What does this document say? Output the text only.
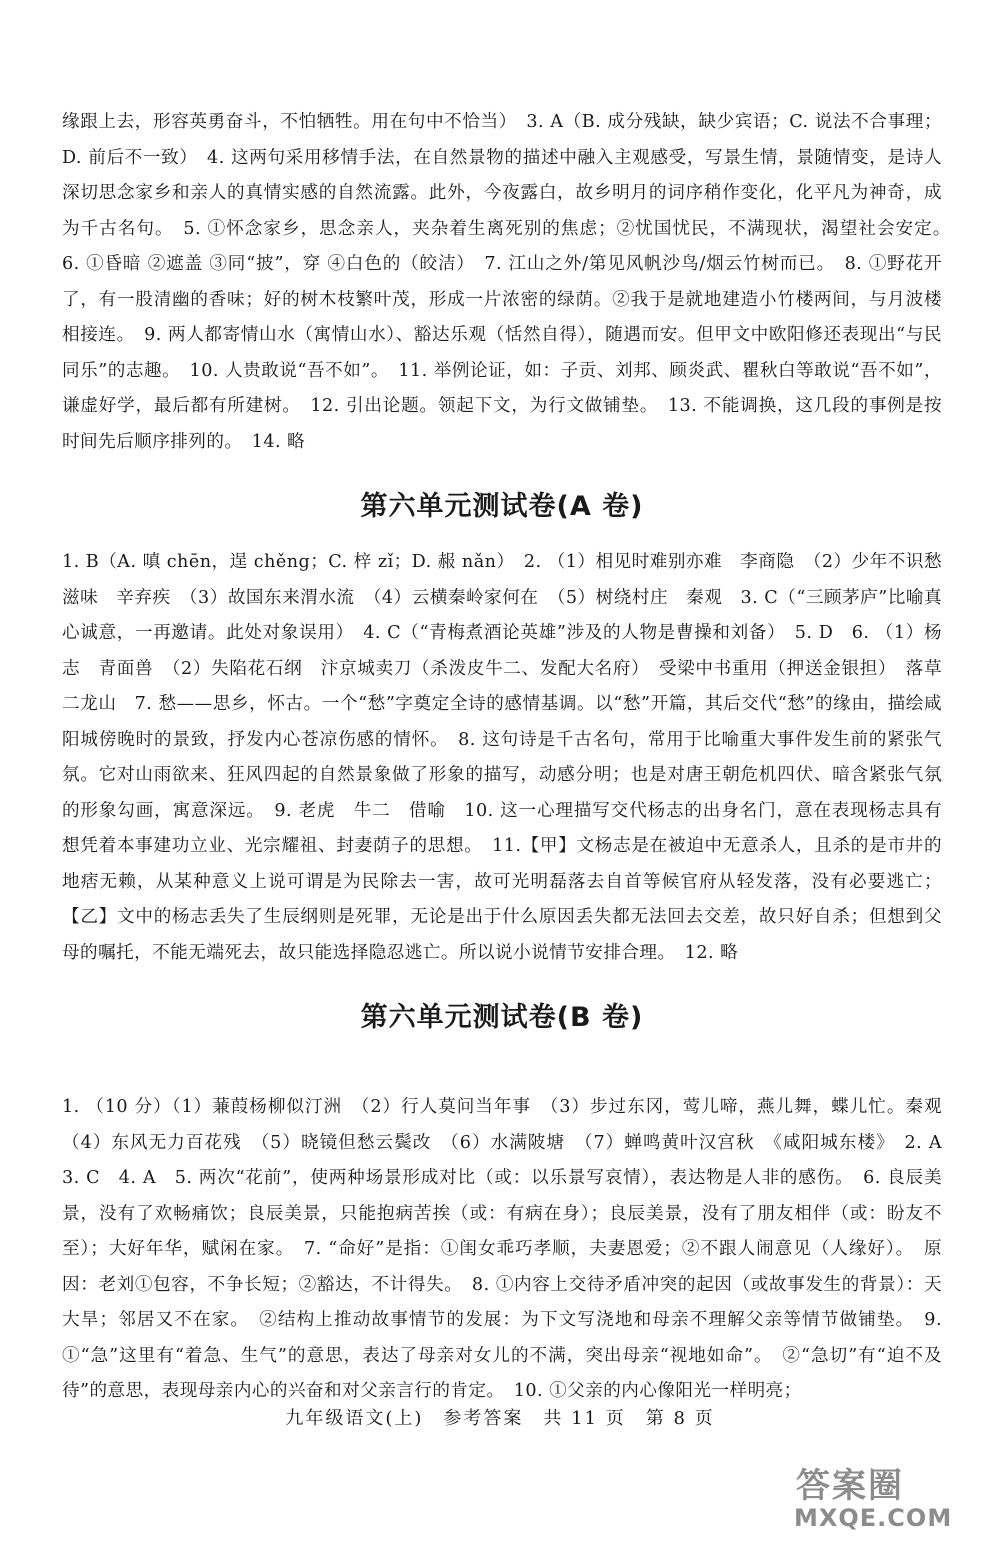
缘跟上去，形容英勇奋斗，不怕牺牲。用在句中不恰当）　3. A（B. 成分残缺，缺少宾语；C. 说法不合事理；D. 前后不一致）　4. 这两句采用移情手法，在自然景物的描述中融入主观感受，写景生情，景随情变，是诗人深切思念家乡和亲人的真情实感的自然流露。此外，今夜露白，故乡明月的词序稍作变化，化平凡为神奇，成为千古名句。　5. ①怀念家乡，思念亲人，夹杂着生离死别的焦虑；②忧国忧民，不满现状，渴望社会安定。　6. ①昏暗 ②遮盖 ③同“披”，穿 ④白色的（皎洁）　7. 江山之外/第见风帆沙鸟/烟云竹树而已。　8. ①野花开了，有一股清幽的香味；好的树木枝繁叶茂，形成一片浓密的绿荫。②我于是就地建造小竹楼两间，与月波楼相接连。　9. 两人都寄情山水（寓情山水）、豁达乐观（恬然自得），随遇而安。但甲文中欧阳修还表现出“与民同乐”的志趣。　10. 人贵敢说“吾不如”。　11. 举例论证，如：子贡、刘邦、顾炎武、瞿秋白等敢说“吾不如”，谦虚好学，最后都有所建树。　12. 引出论题。领起下文，为行文做铺垫。　13. 不能调换，这几段的事例是按时间先后顺序排列的。　14. 略

第六单元测试卷(A 卷)

1. B（A. 嗔 chēn，逞 chěng；C. 梓 zǐ；D. 赧 nǎn）　2. （1）相见时难别亦难　李商隐　（2）少年不识愁滋味　辛弃疾　（3）故国东来渭水流　（4）云横秦岭家何在　（5）树绕村庄　秦观　3. C（“三顾茅庐”比喻真心诚意，一再邀请。此处对象误用）　4. C（“青梅煮酒论英雄”涉及的人物是曹操和刘备）　5. D　6. （1）杨志　青面兽　（2）失陷花石纲　汴京城卖刀（杀泼皮牛二、发配大名府）　受梁中书重用（押送金银担）　落草二龙山　7. 愁——思乡，怀古。一个“愁”字奠定全诗的感情基调。以“愁”开篇，其后交代“愁”的缘由，描绘咸阳城傍晚时的景致，抒发内心苍凉伤感的情怀。　8. 这句诗是千古名句，常用于比喻重大事件发生前的紧张气氛。它对山雨欲来、狂风四起的自然景象做了形象的描写，动感分明；也是对唐王朝危机四伏、暗含紧张气氛的形象勾画，寓意深远。　9. 老虎　牛二　借喻　10. 这一心理描写交代杨志的出身名门，意在表现杨志具有想凭着本事建功立业、光宗耀祖、封妻荫子的思想。　11.【甲】文杨志是在被迫中无意杀人，且杀的是市井的地痞无赖，从某种意义上说可谓是为民除去一害，故可光明磊落去自首等候官府从轻发落，没有必要逃亡；【乙】文中的杨志丢失了生辰纲则是死罪，无论是出于什么原因丢失都无法回去交差，故只好自杀；但想到父母的嘱托，不能无端死去，故只能选择隐忍逃亡。所以说小说情节安排合理。　12. 略

第六单元测试卷(B 卷)

1. （10 分）（1）蒹葭杨柳似汀洲　（2）行人莫问当年事　（3）步过东冈，莺儿啼，燕儿舞，蝶儿忙。秦观　（4）东风无力百花残　（5）晓镜但愁云鬓改　（6）水满陂塘　（7）蝉鸣黄叶汉宫秋　《咸阳城东楼》　2. A　3. C　4. A　5. 两次“花前”，使两种场景形成对比（或：以乐景写哀情），表达物是人非的感伤。　6. 良辰美景，没有了欢畅痛饮；良辰美景，只能抱病苦挨（或：有病在身）；良辰美景，没有了朋友相伴（或：盼友不至）；大好年华，赋闲在家。　7. “命好”是指：①闺女乖巧孝顺，夫妻恩爱；②不跟人闹意见（人缘好）。　原因：老刘①包容，不争长短；②豁达，不计得失。　8. ①内容上交待矛盾冲突的起因（或故事发生的背景）：天大旱；邻居又不在家。　②结构上推动故事情节的发展：为下文写浇地和母亲不理解父亲等情节做铺垫。　9. ①“急”这里有“着急、生气”的意思，表达了母亲对女儿的不满，突出母亲“视地如命”。　②“急切”有“迫不及待”的意思，表现母亲内心的兴奋和对父亲言行的肯定。　10. ①父亲的内心像阳光一样明亮；

九年级语文(上)　参考答案　共 11 页　第 8 页
答案圈
MXQE.COM
